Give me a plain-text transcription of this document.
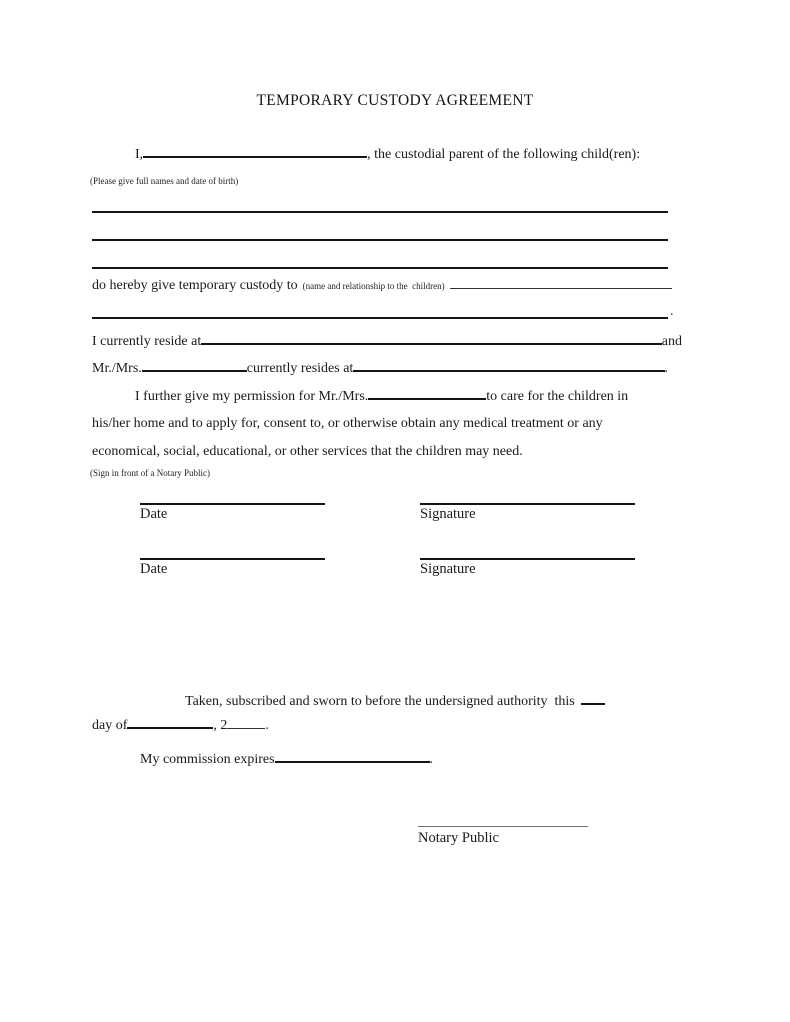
TEMPORARY CUSTODY AGREEMENT
I,	, the custodial parent of the following child(ren):
(Please give full names and date of birth)
do hereby give temporary custody to (name and relationship to the  children)
.
I currently reside at	and
Mr./Mrs.	currently resides at	.
I further give my permission for Mr./Mrs.	to care for the children in
his/her home and to apply for, consent to, or otherwise obtain any medical treatment or any
economical, social, educational, or other services that the children may need.
(Sign in front of a Notary Public)
Date	Signature
Date	Signature
Taken, subscribed and sworn to before the undersigned authority  this
day of	, 2	.
My commission expires	.
Notary Public
